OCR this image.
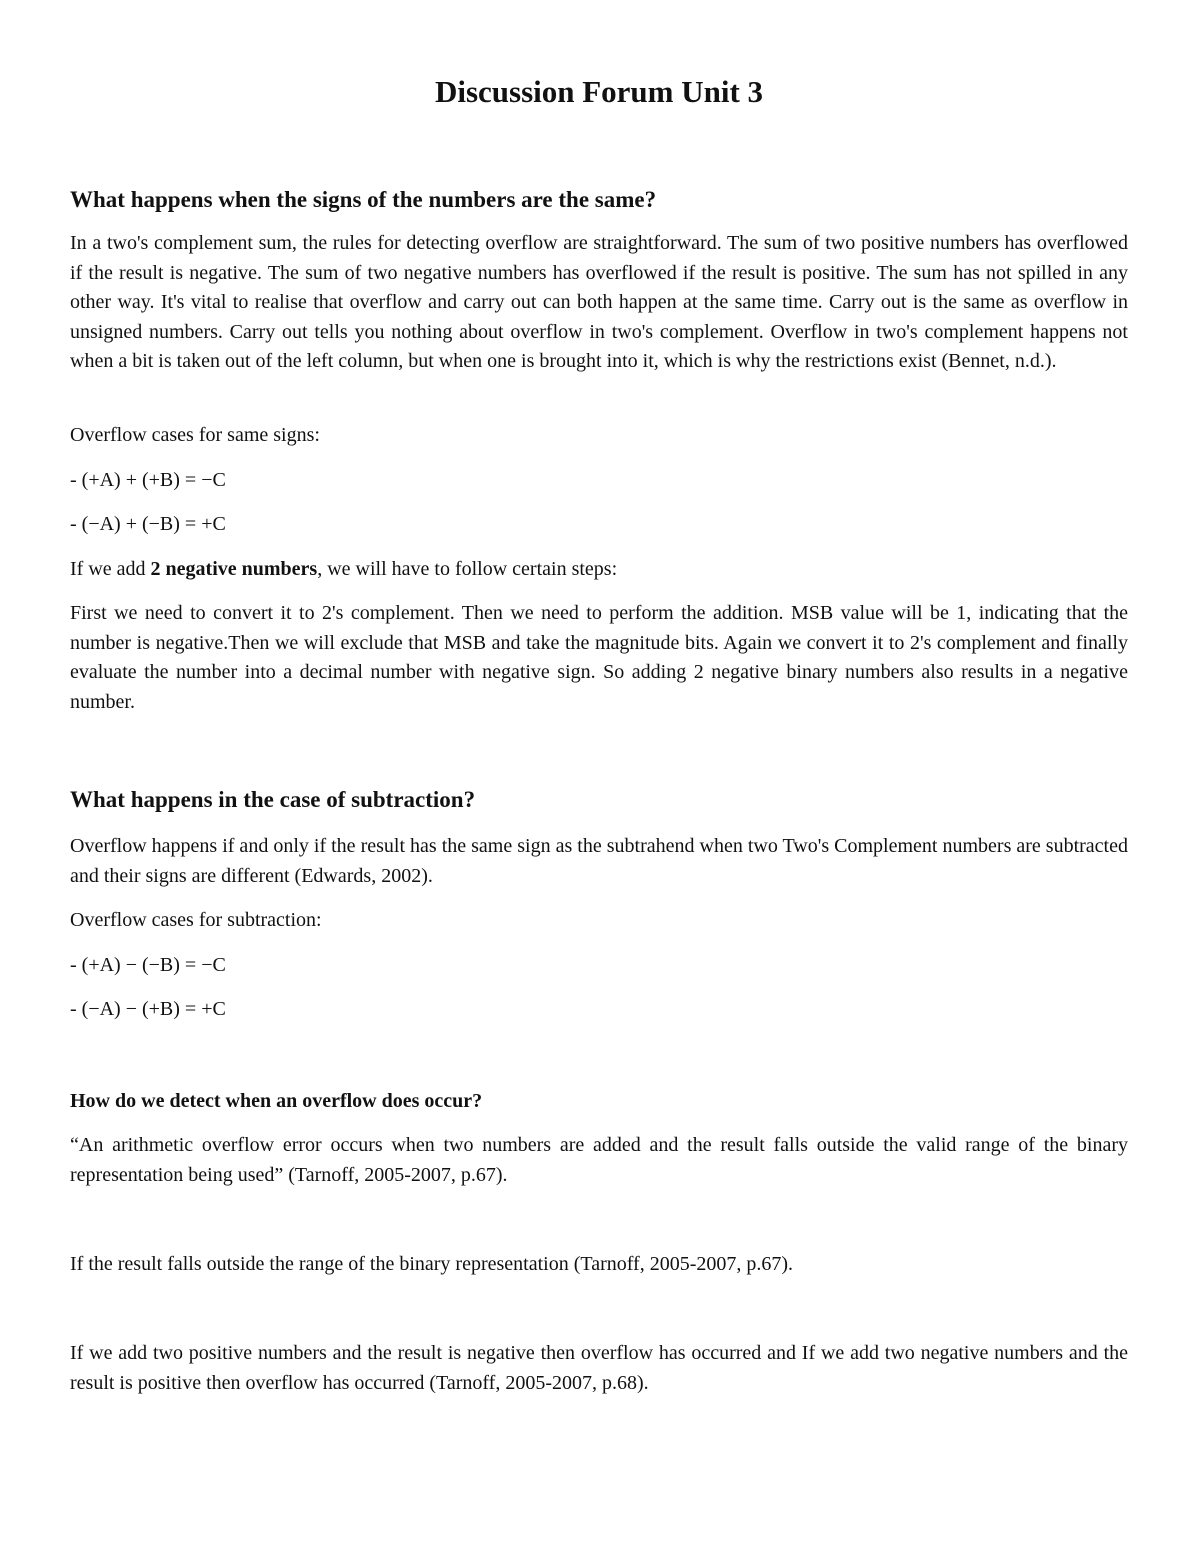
Discussion Forum Unit 3
What happens when the signs of the numbers are the same?

In a two's complement sum, the rules for detecting overflow are straightforward. The sum of two positive numbers has overflowed if the result is negative. The sum of two negative numbers has overflowed if the result is positive. The sum has not spilled in any other way. It's vital to realise that overflow and carry out can both happen at the same time. Carry out is the same as overflow in unsigned numbers. Carry out tells you nothing about overflow in two's complement. Overflow in two's complement happens not when a bit is taken out of the left column, but when one is brought into it, which is why the restrictions exist (Bennet, n.d.).

Overflow cases for same signs:

- (+A) + (+B) = −C

- (−A) + (−B) = +C

If we add 2 negative numbers, we will have to follow certain steps:

First we need to convert it to 2's complement. Then we need to perform the addition. MSB value will be 1, indicating that the number is negative.Then we will exclude that MSB and take the magnitude bits. Again we convert it to 2's complement and finally evaluate the number into a decimal number with negative sign. So adding 2 negative binary numbers also results in a negative number.

What happens in the case of subtraction?

Overflow happens if and only if the result has the same sign as the subtrahend when two Two's Complement numbers are subtracted and their signs are different (Edwards, 2002).

Overflow cases for subtraction:

- (+A) − (−B) = −C

- (−A) − (+B) = +C

How do we detect when an overflow does occur?

“An arithmetic overflow error occurs when two numbers are added and the result falls outside the valid range of the binary representation being used” (Tarnoff, 2005-2007, p.67).

If the result falls outside the range of the binary representation (Tarnoff, 2005-2007, p.67).

If we add two positive numbers and the result is negative then overflow has occurred and If we add two negative numbers and the result is positive then overflow has occurred (Tarnoff, 2005-2007, p.68).
